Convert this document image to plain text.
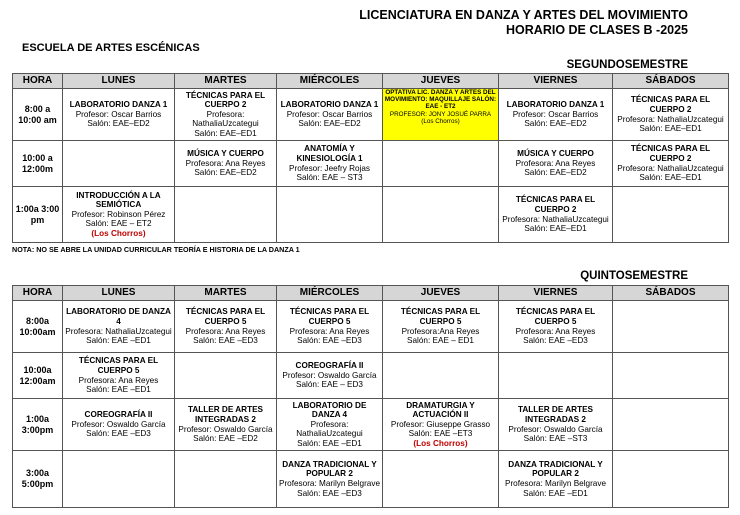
LICENCIATURA EN DANZA Y ARTES DEL MOVIMIENTO
HORARIO DE CLASES B -2025
ESCUELA DE ARTES ESCÉNICAS
SEGUNDOSEMESTRE
HORA	LUNES	MARTES	MIÉRCOLES	JUEVES	VIERNES	SÁBADOS
8:00 a 10:00 am	LABORATORIO DANZA 1
Profesor: Oscar Barrios
Salón: EAE–ED2	TÉCNICAS PARA EL CUERPO 2
Profesora: NathaliaUzcategui
Salón: EAE–ED1	LABORATORIO DANZA 1
Profesor: Oscar Barrios
Salón: EAE–ED2	OPTATIVA LIC. DANZA Y ARTES DEL MOVIMIENTO: MAQUILLAJE SALÓN: EAE - ET2
PROFESOR: JONY JOSUÉ PARRA
(Los Chorros)	LABORATORIO DANZA 1
Profesor: Oscar Barrios
Salón: EAE–ED2	TÉCNICAS PARA EL CUERPO 2
Profesora: NathaliaUzcategui
Salón: EAE–ED1

10:00 a 12:00m		MÚSICA Y CUERPO
Profesora: Ana Reyes
Salón: EAE–ED2	ANATOMÍA Y KINESIOLOGÍA 1
Profesor: Jeefry Rojas
Salón: EAE – ST3		MÚSICA Y CUERPO
Profesora: Ana Reyes
Salón: EAE–ED2	TÉCNICAS PARA EL CUERPO 2
Profesora: NathaliaUzcategui
Salón: EAE–ED1

1:00a 3:00 pm	INTRODUCCIÓN A LA SEMIÓTICA
Profesor: Robinson Pérez
Salón: EAE – ET2
(Los Chorros)				TÉCNICAS PARA EL CUERPO 2
Profesora: NathaliaUzcategui
Salón: EAE–ED1	

NOTA: NO SE ABRE LA UNIDAD CURRICULAR TEORÍA E HISTORIA DE LA DANZA 1
QUINTOSEMESTRE
HORA	LUNES	MARTES	MIÉRCOLES	JUEVES	VIERNES	SÁBADOS
8:00a 10:00am	LABORATORIO DE DANZA 4
Profesora: NathaliaUzcategui
Salón: EAE –ED1	TÉCNICAS PARA EL CUERPO 5
Profesora: Ana Reyes
Salón: EAE –ED3	TÉCNICAS PARA EL CUERPO 5
Profesora: Ana Reyes
Salón: EAE –ED3	TÉCNICAS PARA EL CUERPO 5
Profesora:Ana Reyes
Salón: EAE – ED1	TÉCNICAS PARA EL CUERPO 5
Profesora: Ana Reyes
Salón: EAE –ED3	

10:00a 12:00am	TÉCNICAS PARA EL CUERPO 5
Profesora: Ana Reyes
Salón: EAE –ED1		COREOGRAFÍA II
Profesor: Oswaldo García
Salón: EAE – ED3			

1:00a 3:00pm	COREOGRAFÍA II
Profesor: Oswaldo García
Salón: EAE –ED3	TALLER DE ARTES INTEGRADAS 2
Profesor: Oswaldo García
Salón: EAE –ED2	LABORATORIO DE DANZA 4
Profesora: NathaliaUzcategui
Salón: EAE –ED1	DRAMATURGIA Y ACTUACIÓN II
Profesor: Giuseppe Grasso
Salón: EAE –ET3
(Los Chorros)	TALLER DE ARTES INTEGRADAS 2
Profesor: Oswaldo García
Salón: EAE –ST3	

3:00a 5:00pm			DANZA TRADICIONAL Y POPULAR 2
Profesora: Marilyn Belgrave
Salón: EAE –ED3		DANZA TRADICIONAL Y POPULAR 2
Profesora: Marilyn Belgrave
Salón: EAE –ED1	
